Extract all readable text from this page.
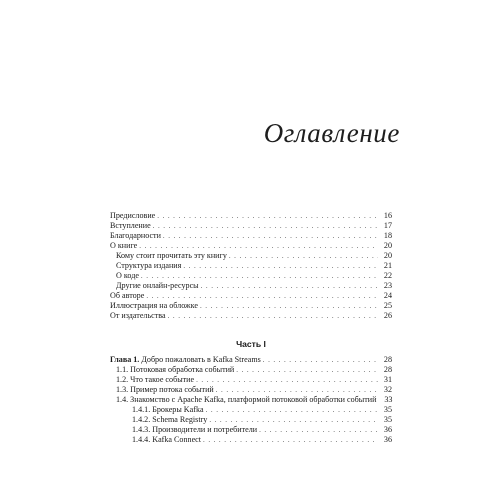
Оглавление
Предисловие . . .	16
Вступление . . .	17
Благодарности . . .	18
О книге . . .	20
Кому стоит прочитать эту книгу . . .	20
Структура издания . . .	21
О коде . . .	22
Другие онлайн-ресурсы . . .	23
Об авторе . . .	24
Иллюстрация на обложке . . .	25
От издательства . . .	26
Часть I
Глава 1. Добро пожаловать в Kafka Streams . . .	28
1.1. Потоковая обработка событий . . .	28
1.2. Что такое событие . . .	31
1.3. Пример потока событий . . .	32
1.4. Знакомство с Apache Kafka, платформой потоковой обработки событий 33
1.4.1. Брокеры Kafka . . .	35
1.4.2. Schema Registry . . .	35
1.4.3. Производители и потребители . . .	36
1.4.4. Kafka Connect . . .	36
